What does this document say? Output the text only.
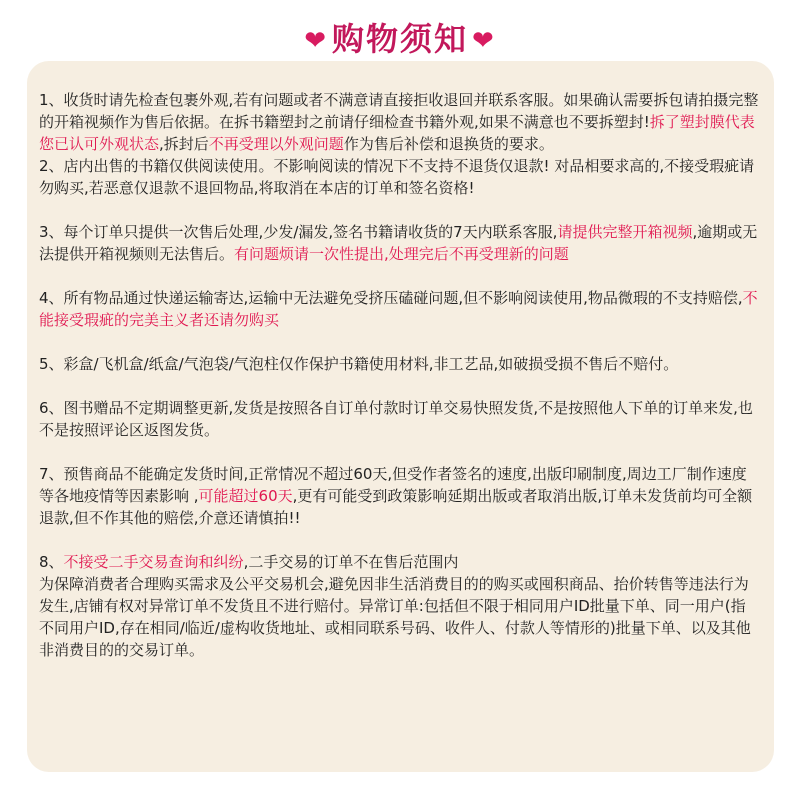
❤ 购物须知 ❤

1、收货时请先检查包裹外观,若有问题或者不满意请直接拒收退回并联系客服。如果确认需要拆包请拍摄完整的开箱视频作为售后依据。在拆书籍塑封之前请仔细检查书籍外观,如果不满意也不要拆塑封!拆了塑封膜代表您已认可外观状态,拆封后不再受理以外观问题作为售后补偿和退换货的要求。

2、店内出售的书籍仅供阅读使用。不影响阅读的情况下不支持不退货仅退款! 对品相要求高的,不接受瑕疵请勿购买,若恶意仅退款不退回物品,将取消在本店的订单和签名资格!

3、每个订单只提供一次售后处理,少发/漏发,签名书籍请收货的7天内联系客服,请提供完整开箱视频,逾期或无法提供开箱视频则无法售后。有问题烦请一次性提出,处理完后不再受理新的问题

4、所有物品通过快递运输寄达,运输中无法避免受挤压磕碰问题,但不影响阅读使用,物品微瑕的不支持赔偿,不能接受瑕疵的完美主义者还请勿购买

5、彩盒/飞机盒/纸盒/气泡袋/气泡柱仅作保护书籍使用材料,非工艺品,如破损受损不售后不赔付。

6、图书赠品不定期调整更新,发货是按照各自订单付款时订单交易快照发货,不是按照他人下单的订单来发,也不是按照评论区返图发货。

7、预售商品不能确定发货时间,正常情况不超过60天,但受作者签名的速度,出版印刷制度,周边工厂制作速度等各地疫情等因素影响 ,可能超过60天,更有可能受到政策影响延期出版或者取消出版,订单未发货前均可全额退款,但不作其他的赔偿,介意还请慎拍!!

8、不接受二手交易查询和纠纷,二手交易的订单不在售后范围内

为保障消费者合理购买需求及公平交易机会,避免因非生活消费目的的购买或囤积商品、抬价转售等违法行为发生,店铺有权对异常订单不发货且不进行赔付。异常订单:包括但不限于相同用户ID批量下单、同一用户(指不同用户ID,存在相同/临近/虚构收货地址、或相同联系号码、收件人、付款人等情形的)批量下单、以及其他非消费目的的交易订单。
